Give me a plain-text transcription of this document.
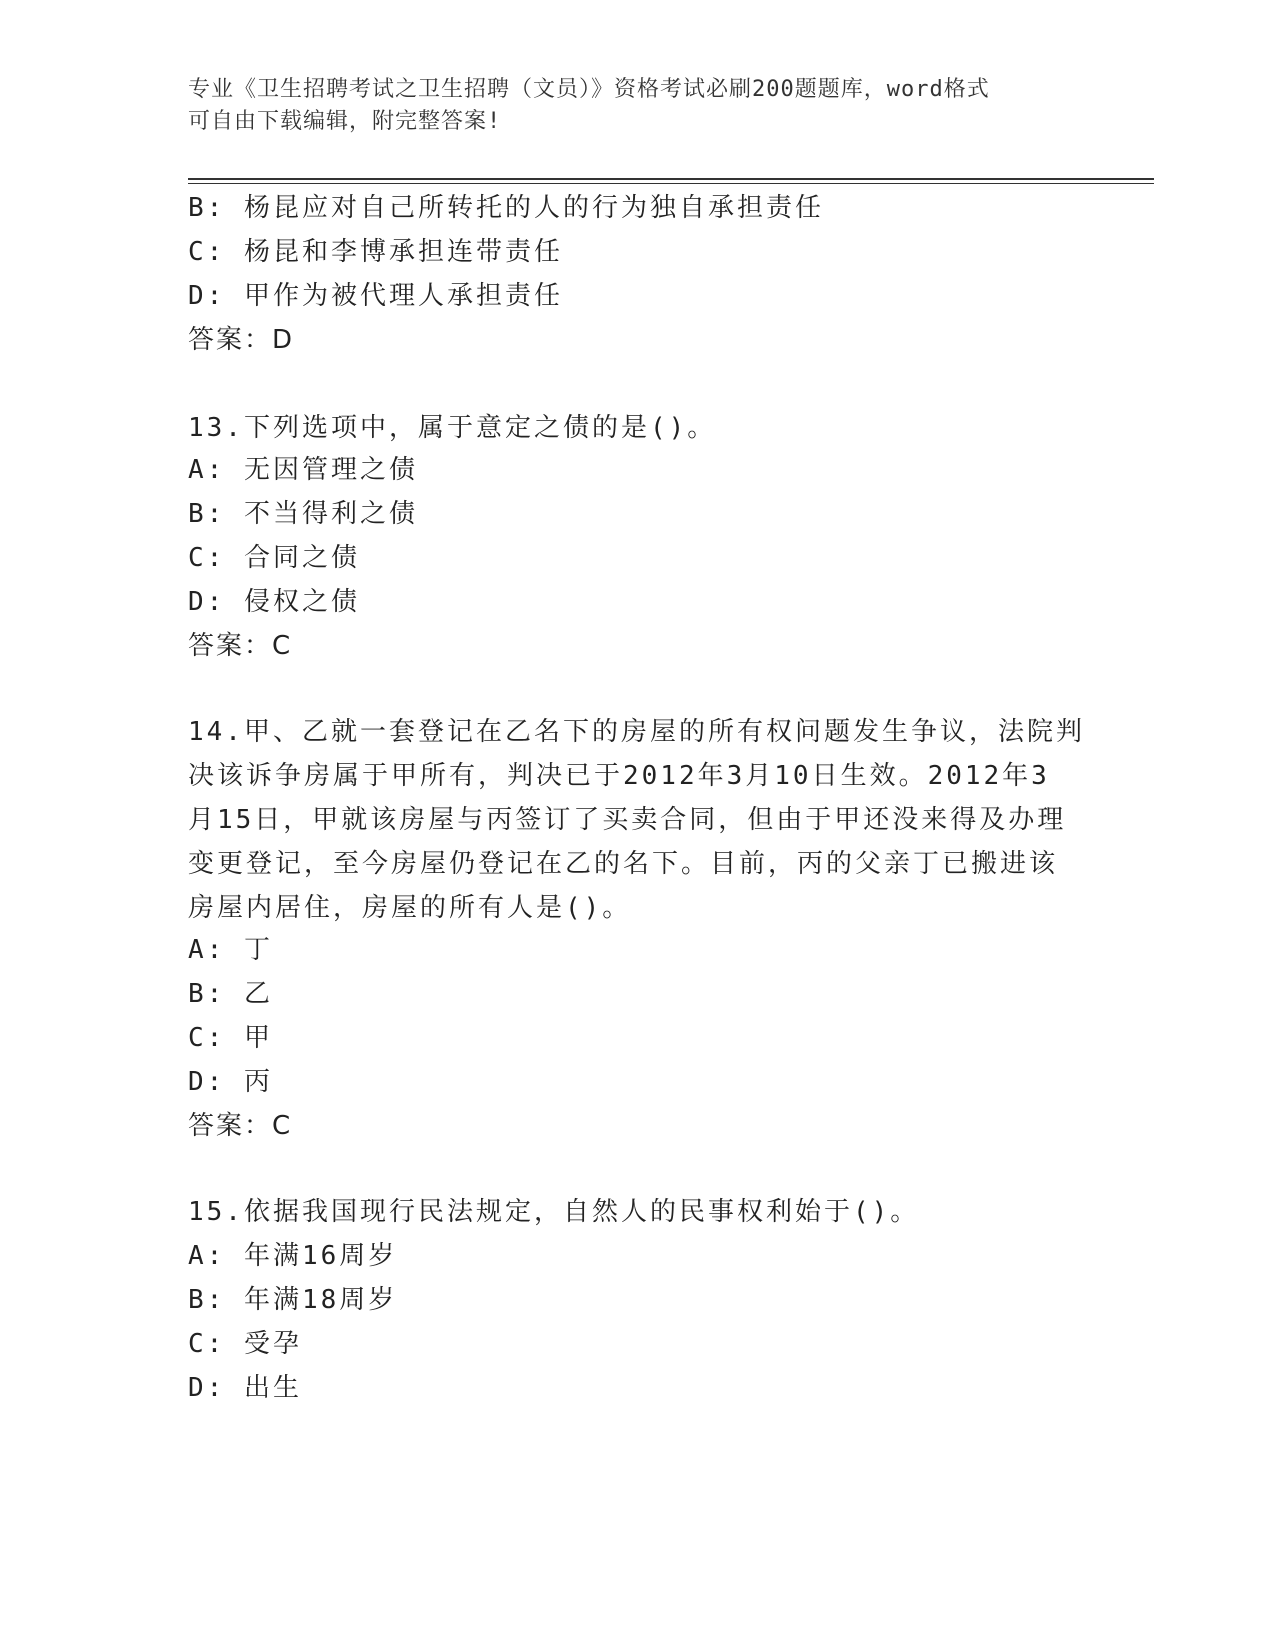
专业《卫生招聘考试之卫生招聘（文员）》资格考试必刷200题题库，word格式
可自由下载编辑，附完整答案!
B: 杨昆应对自己所转托的人的行为独自承担责任
C: 杨昆和李博承担连带责任
D: 甲作为被代理人承担责任
答案：D
13.下列选项中，属于意定之债的是()。
A: 无因管理之债
B: 不当得利之债
C: 合同之债
D: 侵权之债
答案：C
14.甲、乙就一套登记在乙名下的房屋的所有权问题发生争议，法院判
决该诉争房属于甲所有，判决已于2012年3月10日生效。2012年3
月15日，甲就该房屋与丙签订了买卖合同，但由于甲还没来得及办理
变更登记，至今房屋仍登记在乙的名下。目前，丙的父亲丁已搬进该
房屋内居住，房屋的所有人是()。
A: 丁
B: 乙
C: 甲
D: 丙
答案：C
15.依据我国现行民法规定，自然人的民事权利始于()。
A: 年满16周岁
B: 年满18周岁
C: 受孕
D: 出生
